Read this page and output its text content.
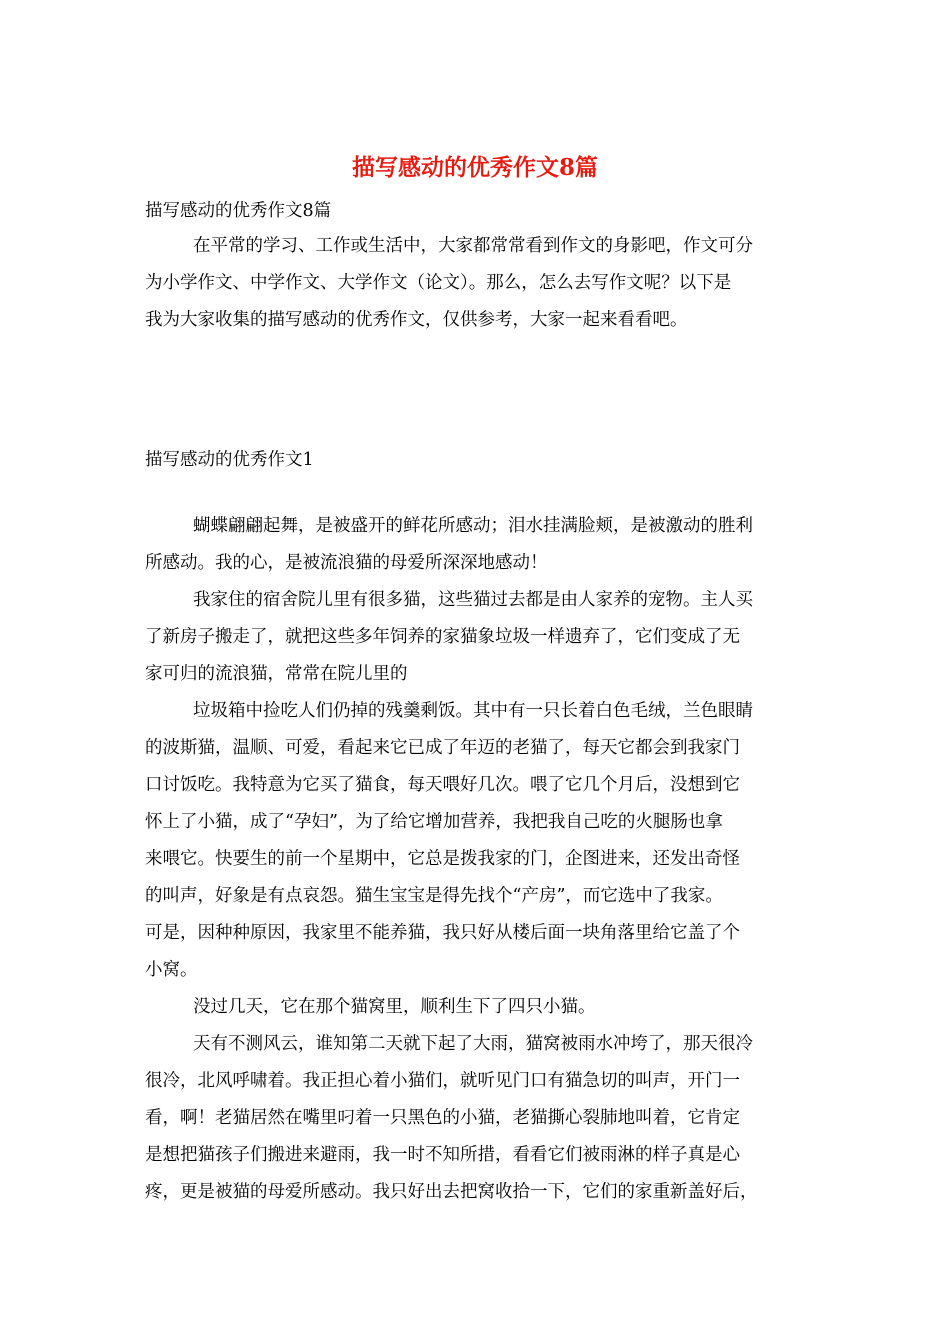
描写感动的优秀作文8篇
描写感动的优秀作文8篇
在平常的学习、工作或生活中，大家都常常看到作文的身影吧，作文可分
为小学作文、中学作文、大学作文（论文）。那么，怎么去写作文呢？以下是
我为大家收集的描写感动的优秀作文，仅供参考，大家一起来看看吧。
描写感动的优秀作文1
蝴蝶翩翩起舞，是被盛开的鲜花所感动；泪水挂满脸颊，是被激动的胜利
所感动。我的心，是被流浪猫的母爱所深深地感动！
我家住的宿舍院儿里有很多猫，这些猫过去都是由人家养的宠物。主人买
了新房子搬走了，就把这些多年饲养的家猫象垃圾一样遗弃了，它们变成了无
家可归的流浪猫，常常在院儿里的
垃圾箱中捡吃人们仍掉的残羹剩饭。其中有一只长着白色毛绒，兰色眼睛
的波斯猫，温顺、可爱，看起来它已成了年迈的老猫了，每天它都会到我家门
口讨饭吃。我特意为它买了猫食，每天喂好几次。喂了它几个月后，没想到它
怀上了小猫，成了“孕妇”，为了给它增加营养，我把我自己吃的火腿肠也拿
来喂它。快要生的前一个星期中，它总是拨我家的门，企图进来，还发出奇怪
的叫声，好象是有点哀怨。猫生宝宝是得先找个“产房”，而它选中了我家。
可是，因种种原因，我家里不能养猫，我只好从楼后面一块角落里给它盖了个
小窝。
没过几天，它在那个猫窝里，顺利生下了四只小猫。
天有不测风云，谁知第二天就下起了大雨，猫窝被雨水冲垮了，那天很冷
很冷，北风呼啸着。我正担心着小猫们，就听见门口有猫急切的叫声，开门一
看，啊！老猫居然在嘴里叼着一只黑色的小猫，老猫撕心裂肺地叫着，它肯定
是想把猫孩子们搬进来避雨，我一时不知所措，看看它们被雨淋的样子真是心
疼，更是被猫的母爱所感动。我只好出去把窝收拾一下，它们的家重新盖好后，
